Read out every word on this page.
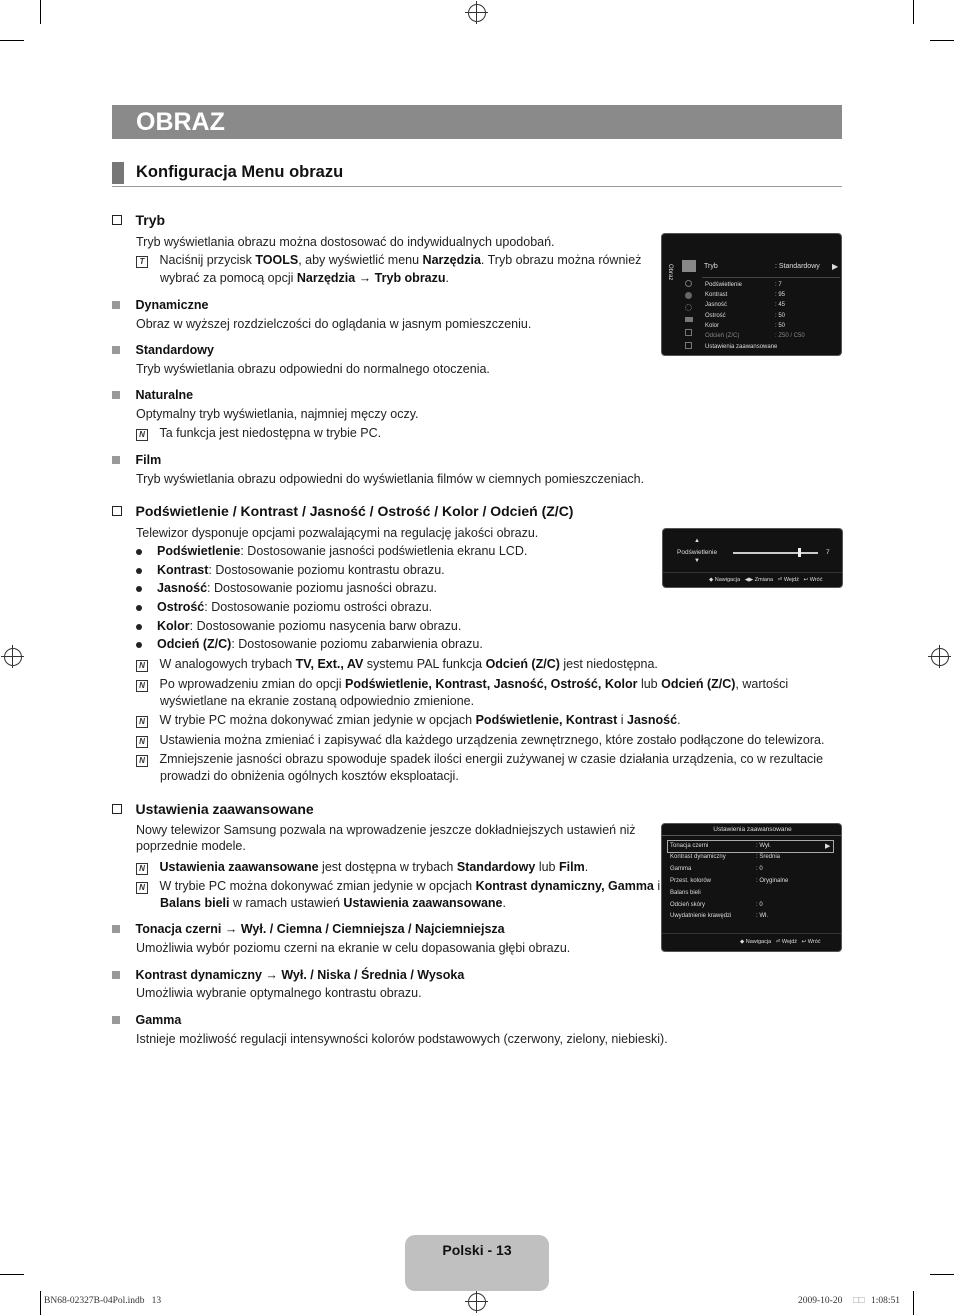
OBRAZ
Konfiguracja Menu obrazu
Tryb
Tryb wyświetlania obrazu można dostosować do indywidualnych upodobań.
T Naciśnij przycisk TOOLS, aby wyświetlić menu Narzędzia. Tryb obrazu można również
wybrać za pomocą opcji Narzędzia → Tryb obrazu.
Dynamiczne
Obraz w wyższej rozdzielczości do oglądania w jasnym pomieszczeniu.
Standardowy
Tryb wyświetlania obrazu odpowiedni do normalnego otoczenia.
Naturalne
Optymalny tryb wyświetlania, najmniej męczy oczy.
N Ta funkcja jest niedostępna w trybie PC.
Film
Tryb wyświetlania obrazu odpowiedni do wyświetlania filmów w ciemnych pomieszczeniach.
Obraz	Tryb	: Standardowy ▶
Podświetlenie	: 7
Kontrast	: 95
Jasność	: 45
Ostrość	: 50
Kolor	: 50
Odcień (Z/C)	: Z50 / C50
Ustawienia zaawansowane
Podświetlenie / Kontrast / Jasność / Ostrość / Kolor / Odcień (Z/C)
Telewizor dysponuje opcjami pozwalającymi na regulację jakości obrazu.
Podświetlenie: Dostosowanie jasności podświetlenia ekranu LCD.
Kontrast: Dostosowanie poziomu kontrastu obrazu.
Jasność: Dostosowanie poziomu jasności obrazu.
Ostrość: Dostosowanie poziomu ostrości obrazu.
Kolor: Dostosowanie poziomu nasycenia barw obrazu.
Odcień (Z/C): Dostosowanie poziomu zabarwienia obrazu.
N W analogowych trybach TV, Ext., AV systemu PAL funkcja Odcień (Z/C) jest niedostępna.
N Po wprowadzeniu zmian do opcji Podświetlenie, Kontrast, Jasność, Ostrość, Kolor lub Odcień (Z/C), wartości
wyświetlane na ekranie zostaną odpowiednio zmienione.
N W trybie PC można dokonywać zmian jedynie w opcjach Podświetlenie, Kontrast i Jasność.
N Ustawienia można zmieniać i zapisywać dla każdego urządzenia zewnętrznego, które zostało podłączone do telewizora.
N Zmniejszenie jasności obrazu spowoduje spadek ilości energii zużywanej w czasie działania urządzenia, co w rezultacie
prowadzi do obniżenia ogólnych kosztów eksploatacji.
▲
Podświetlenie
▼
7
◆ Nawigacja ◀▶ Zmiana ⏎ Wejdź ↩ Wróć
Ustawienia zaawansowane
Nowy telewizor Samsung pozwala na wprowadzenie jeszcze dokładniejszych ustawień niż
poprzednie modele.
N Ustawienia zaawansowane jest dostępna w trybach Standardowy lub Film.
N W trybie PC można dokonywać zmian jedynie w opcjach Kontrast dynamiczny, Gamma i
Balans bieli w ramach ustawień Ustawienia zaawansowane.
Tonacja czerni → Wył. / Ciemna / Ciemniejsza / Najciemniejsza
Umożliwia wybór poziomu czerni na ekranie w celu dopasowania głębi obrazu.
Kontrast dynamiczny → Wył. / Niska / Średnia / Wysoka
Umożliwia wybranie optymalnego kontrastu obrazu.
Gamma
Istnieje możliwość regulacji intensywności kolorów podstawowych (czerwony, zielony, niebieski).
Ustawienia zaawansowane
Tonacja czerni	: Wył.	▶
Kontrast dynamiczny	: Średnia
Gamma	: 0
Przest. kolorów	: Oryginalne
Balans bieli
Odcień skóry	: 0
Uwydatnienie krawędzi	: Wł.
◆ Nawigacja ⏎ Wejdź ↩ Wróć
Polski - 13
BN68-02327B-04Pol.indb   13	2009-10-20 □□ 1:08:51
